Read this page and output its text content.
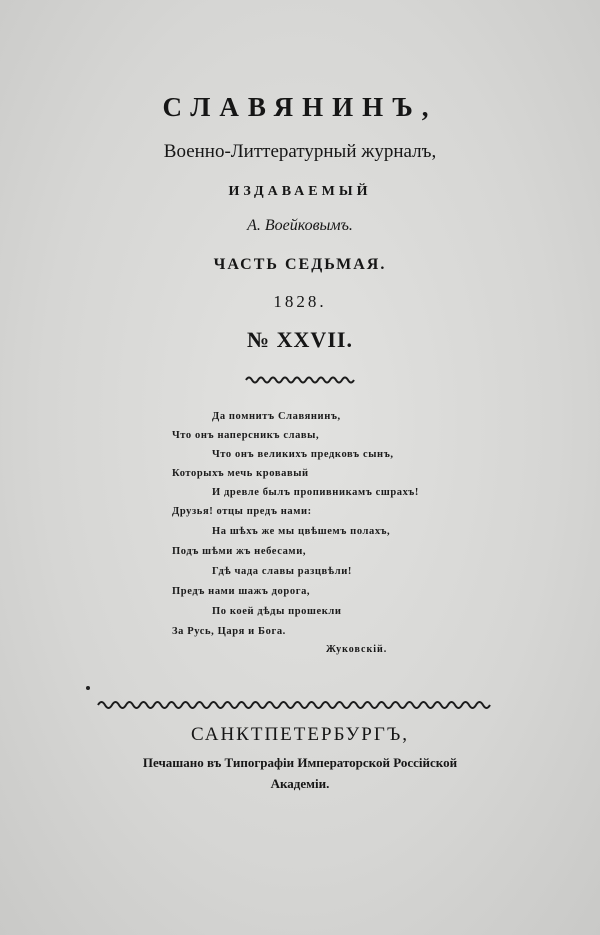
СЛАВЯНИНЪ,
Военно-Литтературный журналъ,
ИЗДАВАЕМЫЙ
А. Воейковымъ.
ЧАСТЬ СЕДЬМАЯ.
1828.
№ XXVII.
Да помнитъ Славянинъ,
Что онъ наперсникъ славы,
Что онъ великихъ предковъ сынъ,
Которыхъ мечь кровавый
И древле былъ пропивникамъ сшрахъ!
Друзья! отцы предъ нами:
На шѣхъ же мы цвѣшемъ полахъ,
Подъ шѣми жъ небесами,
Гдѣ чада славы разцвѣли!
Предъ нами шажъ дорога,
По коей дѣды прошекли
За Русь, Царя и Бога.
Жуковскій.
САНКТПЕТЕРБУРГЪ,
Печашано въ Типографіи Императорской Россійской
Академіи.
